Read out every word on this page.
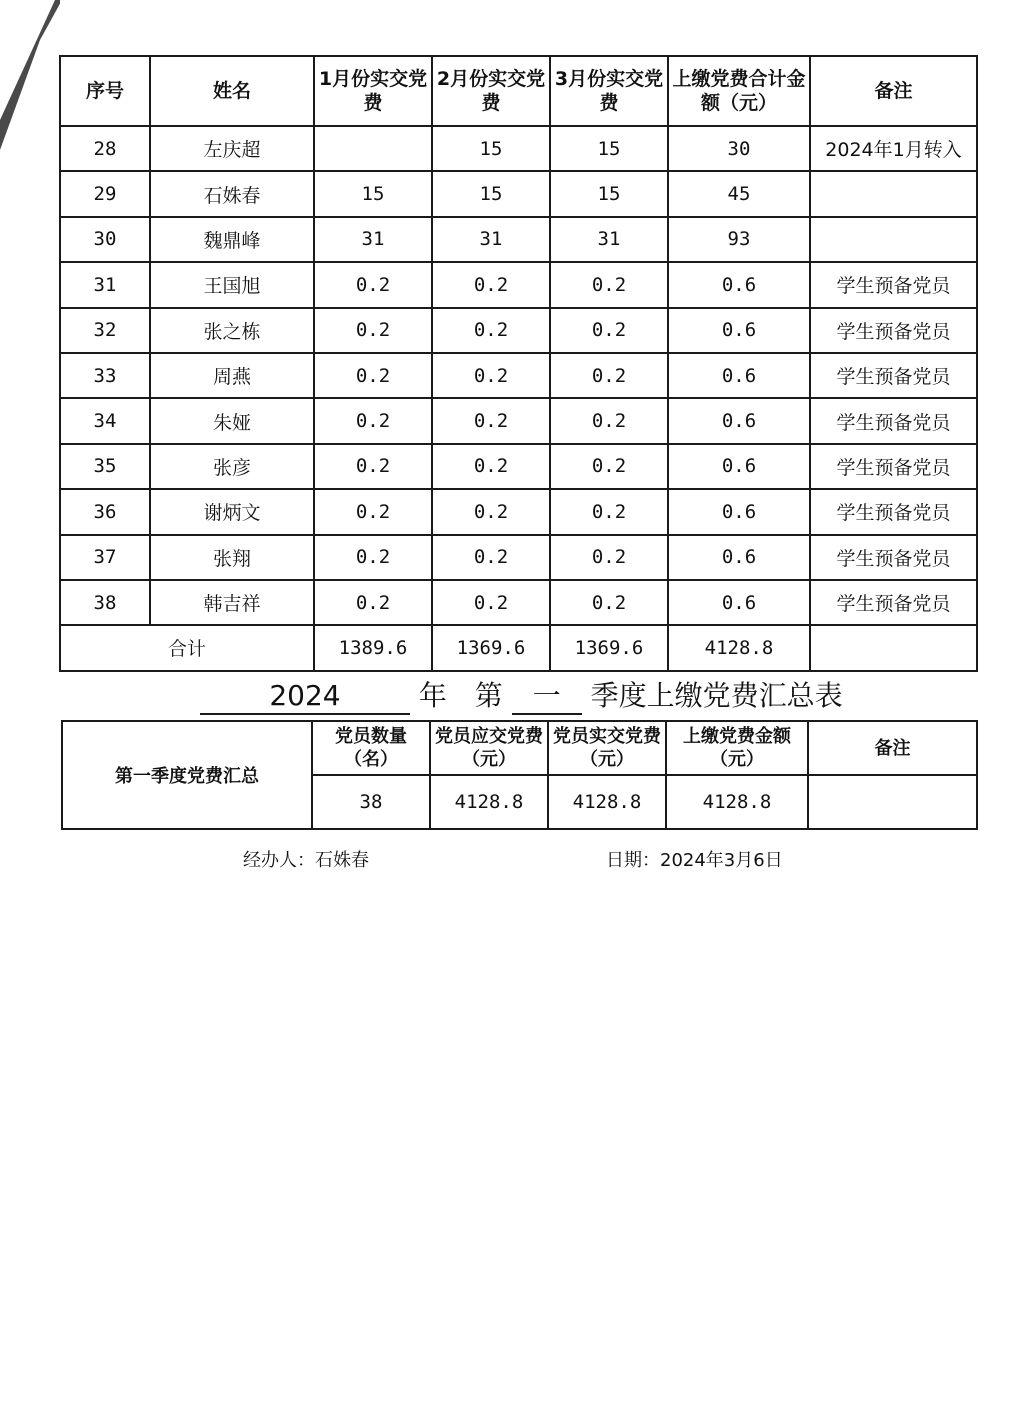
序号	姓名	1月份实交党费	2月份实交党费	3月份实交党费	上缴党费合计金额（元）	备注
28	左庆超		15	15	30	2024年1月转入
29	石姝春	15	15	15	45	
30	魏鼎峰	31	31	31	93	
31	王国旭	0.2	0.2	0.2	0.6	学生预备党员
32	张之栋	0.2	0.2	0.2	0.6	学生预备党员
33	周燕	0.2	0.2	0.2	0.6	学生预备党员
34	朱娅	0.2	0.2	0.2	0.6	学生预备党员
35	张彦	0.2	0.2	0.2	0.6	学生预备党员
36	谢炳文	0.2	0.2	0.2	0.6	学生预备党员
37	张翔	0.2	0.2	0.2	0.6	学生预备党员
38	韩吉祥	0.2	0.2	0.2	0.6	学生预备党员
合计		1389.6	1369.6	1369.6	4128.8	
2024	年 第 一 季度上缴党费汇总表
第一季度党费汇总	党员数量（名）	党员应交党费（元）	党员实交党费（元）	上缴党费金额（元）	备注
	38	4128.8	4128.8	4128.8	
经办人：石姝春	日期：2024年3月6日
